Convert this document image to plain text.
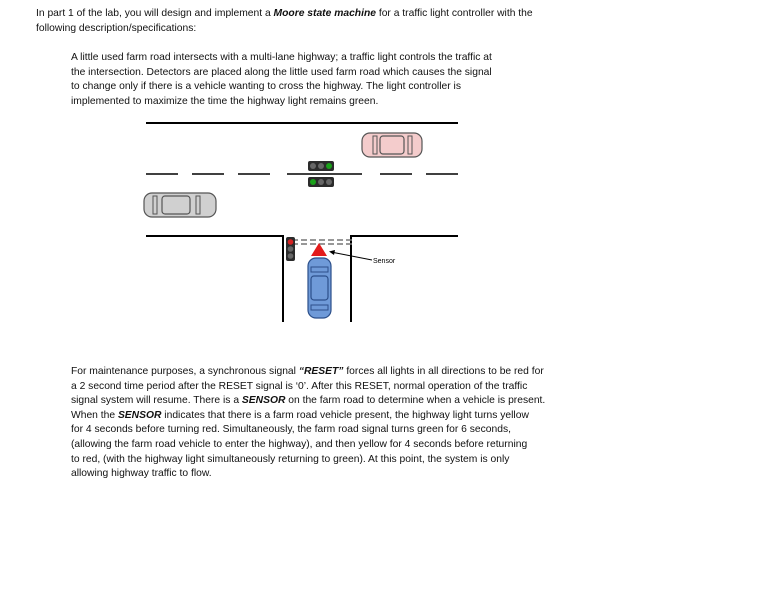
In part 1 of the lab, you will design and implement a Moore state machine for a traffic light controller with the
following description/specifications:
A little used farm road intersects with a multi-lane highway; a traffic light controls the traffic at
the intersection. Detectors are placed along the little used farm road which causes the signal
to change only if there is a vehicle wanting to cross the highway. The light controller is
implemented to maximize the time the highway light remains green.
Sensor
For maintenance purposes, a synchronous signal “RESET” forces all lights in all directions to be red for
a 2 second time period after the RESET signal is ‘0’. After this RESET, normal operation of the traffic
signal system will resume. There is a SENSOR on the farm road to determine when a vehicle is present.
When the SENSOR indicates that there is a farm road vehicle present, the highway light turns yellow
for 4 seconds before turning red. Simultaneously, the farm road signal turns green for 6 seconds,
(allowing the farm road vehicle to enter the highway), and then yellow for 4 seconds before returning
to red, (with the highway light simultaneously returning to green). At this point, the system is only
allowing highway traffic to flow.
